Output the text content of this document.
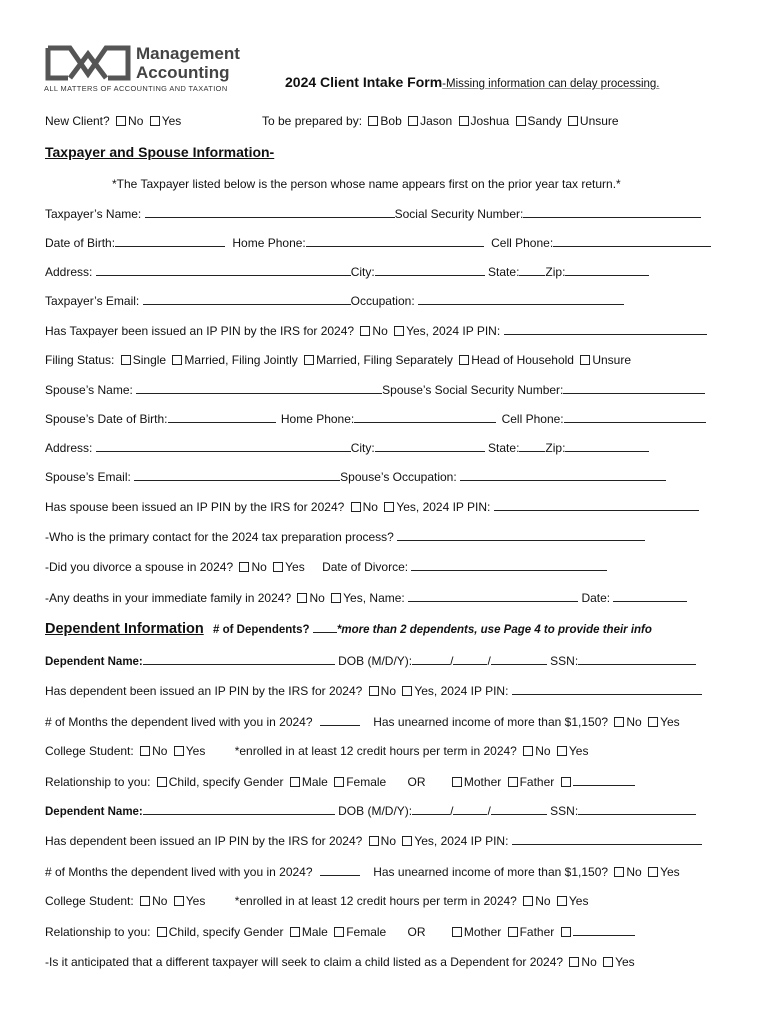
Management
Accounting
ALL MATTERS OF ACCOUNTING AND TAXATION	2024 Client Intake Form-Missing information can delay processing.
New Client? No Yes	To be prepared by: Bob Jason Joshua Sandy Unsure
Taxpayer and Spouse Information-
*The Taxpayer listed below is the person whose name appears first on the prior year tax return.*
Taxpayer’s Name:	Social Security Number:
Date of Birth:	Home Phone:	Cell Phone:
Address:	City:	State: Zip:
Taxpayer’s Email:	Occupation:
Has Taxpayer been issued an IP PIN by the IRS for 2024? No Yes, 2024 IP PIN:
Filing Status: Single Married, Filing Jointly Married, Filing Separately Head of Household Unsure
Spouse’s Name:	Spouse’s Social Security Number:
Spouse’s Date of Birth:	Home Phone:	Cell Phone:
Address:	City:	State: Zip:
Spouse’s Email:	Spouse’s Occupation:
Has spouse been issued an IP PIN by the IRS for 2024? No Yes, 2024 IP PIN:
-Who is the primary contact for the 2024 tax preparation process?
-Did you divorce a spouse in 2024? No Yes Date of Divorce:
-Any deaths in your immediate family in 2024? No Yes, Name:	Date:
Dependent Information # of Dependents? *more than 2 dependents, use Page 4 to provide their info
Dependent Name:	DOB (M/D/Y):	/	/	SSN:
Has dependent been issued an IP PIN by the IRS for 2024? No Yes, 2024 IP PIN:
# of Months the dependent lived with you in 2024?	Has unearned income of more than $1,150? No Yes
College Student: No Yes *enrolled in at least 12 credit hours per term in 2024? No Yes
Relationship to you: Child, specify Gender Male Female OR	Mother Father
Dependent Name:	DOB (M/D/Y):	/	/	SSN:
Has dependent been issued an IP PIN by the IRS for 2024? No Yes, 2024 IP PIN:
# of Months the dependent lived with you in 2024?	Has unearned income of more than $1,150? No Yes
College Student: No Yes *enrolled in at least 12 credit hours per term in 2024? No Yes
Relationship to you: Child, specify Gender Male Female OR	Mother Father
-Is it anticipated that a different taxpayer will seek to claim a child listed as a Dependent for 2024? No Yes
